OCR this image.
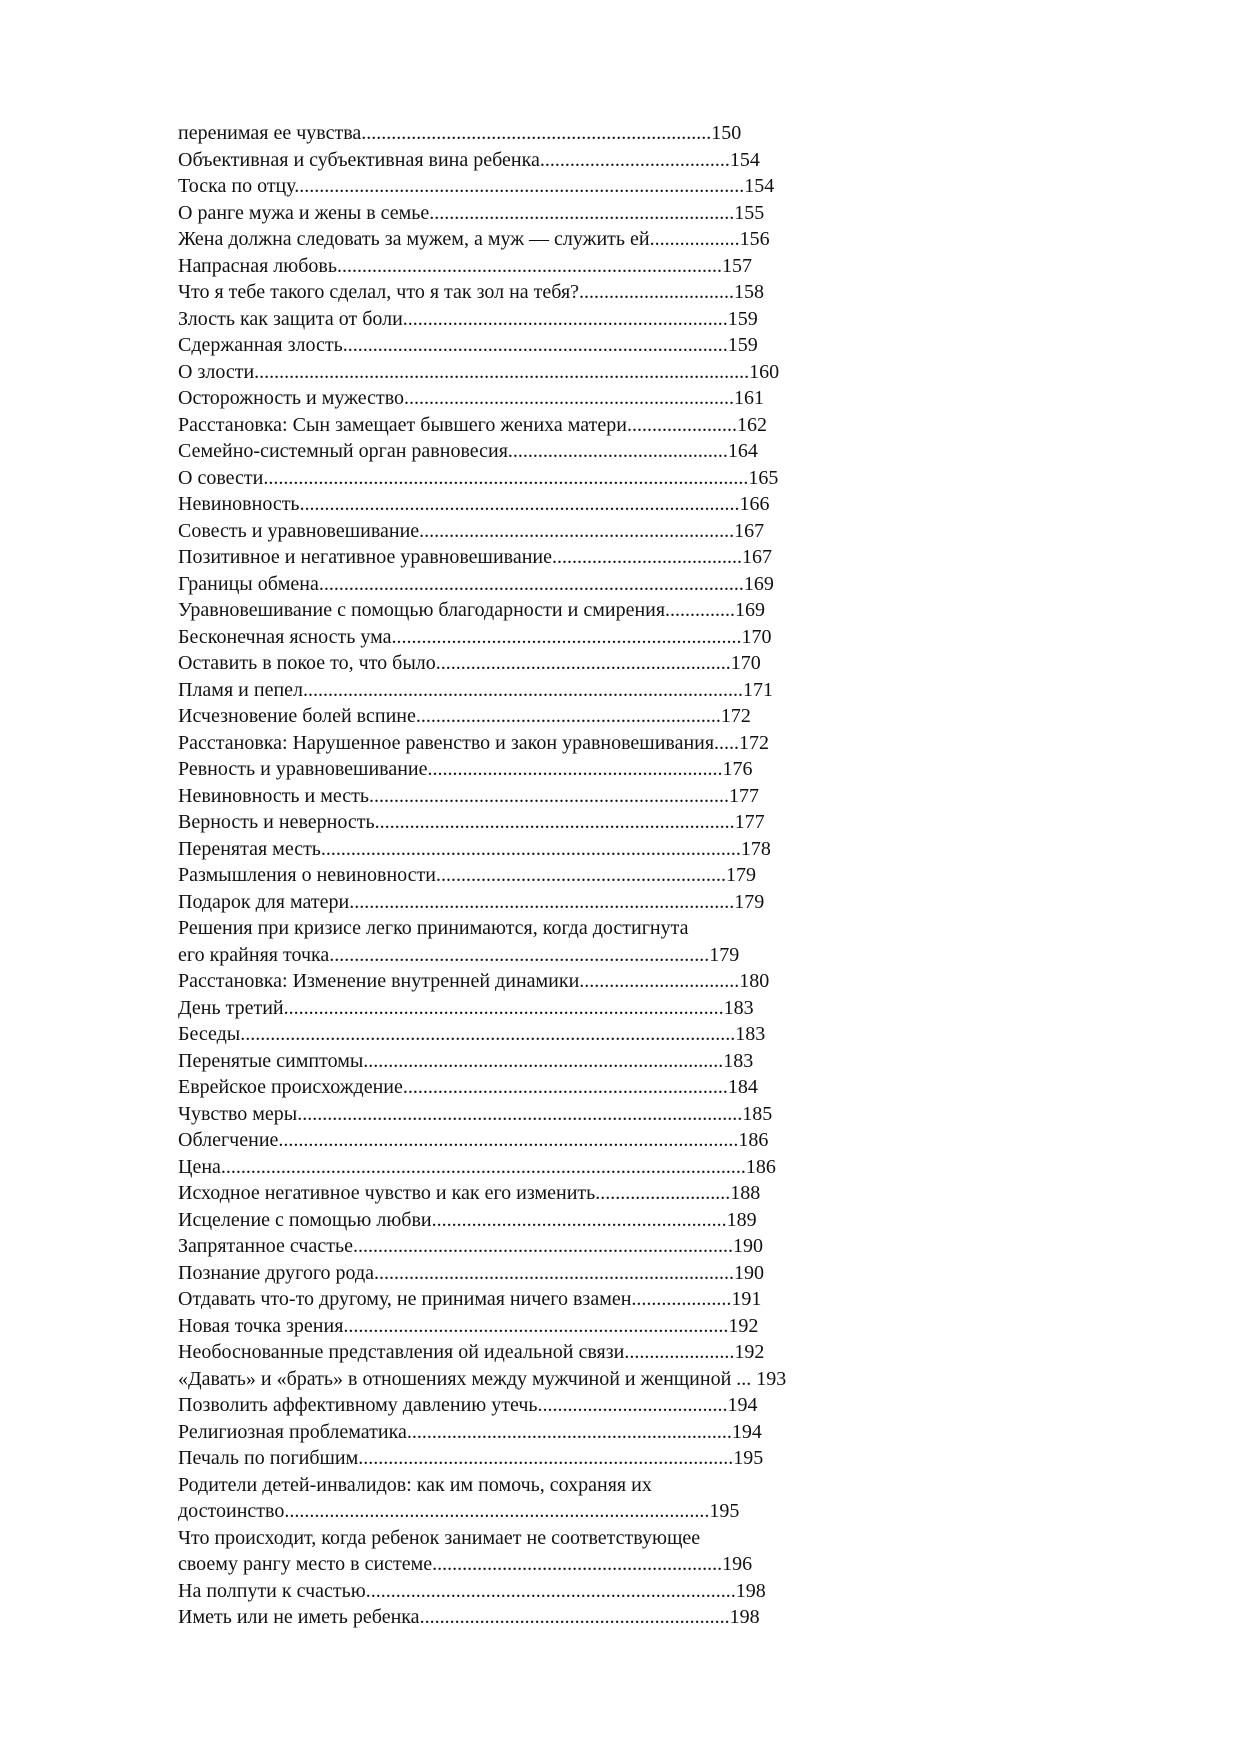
перенимая ее чувства......................................................................150
Объективная и субъективная вина ребенка......................................154
Тоска по отцу..........................................................................................154
О ранге мужа и жены в семье.............................................................155
Жена должна следовать за мужем, а муж — служить ей..................156
Напрасная любовь.............................................................................157
Что я тебе такого сделал, что я так зол на тебя?...............................158
Злость как защита от боли.................................................................159
Сдержанная злость.............................................................................159
О злости...................................................................................................160
Осторожность и мужество..................................................................161
Расстановка: Сын замещает бывшего жениха матери......................162
Семейно-системный орган равновесия............................................164
О совести.................................................................................................165
Невиновность........................................................................................166
Совесть и уравновешивание...............................................................167
Позитивное и негативное уравновешивание......................................167
Границы обмена.....................................................................................169
Уравновешивание с помощью благодарности и смирения..............169
Бесконечная ясность ума......................................................................170
Оставить в покое то, что было...........................................................170
Пламя и пепел........................................................................................171
Исчезновение болей вспине.............................................................172
Расстановка: Нарушенное равенство и закон уравновешивания.....172
Ревность и уравновешивание...........................................................176
Невиновность и месть........................................................................177
Верность и неверность........................................................................177
Перенятая месть....................................................................................178
Размышления о невиновности..........................................................179
Подарок для матери.............................................................................179
Решения при кризисе легко принимаются, когда достигнута
его крайняя точка............................................................................179
Расстановка: Изменение внутренней динамики................................180
День третий........................................................................................183
Беседы...................................................................................................183
Перенятые симптомы........................................................................183
Еврейское происхождение.................................................................184
Чувство меры.........................................................................................185
Облегчение............................................................................................186
Цена.........................................................................................................186
Исходное негативное чувство и как его изменить...........................188
Исцеление с помощью любви...........................................................189
Запрятанное счастье............................................................................190
Познание другого рода........................................................................190
Отдавать что-то другому, не принимая ничего взамен....................191
Новая точка зрения.............................................................................192
Необоснованные представления ой идеальной связи......................192
«Давать» и «брать» в отношениях между мужчиной и женщиной ... 193
Позволить аффективному давлению утечь......................................194
Религиозная проблематика.................................................................194
Печаль по погибшим...........................................................................195
Родители детей-инвалидов: как им помочь, сохраняя их
достоинство.....................................................................................195
Что происходит, когда ребенок занимает не соответствующее
своему рангу место в системе..........................................................196
На полпути к счастью..........................................................................198
Иметь или не иметь ребенка..............................................................198
